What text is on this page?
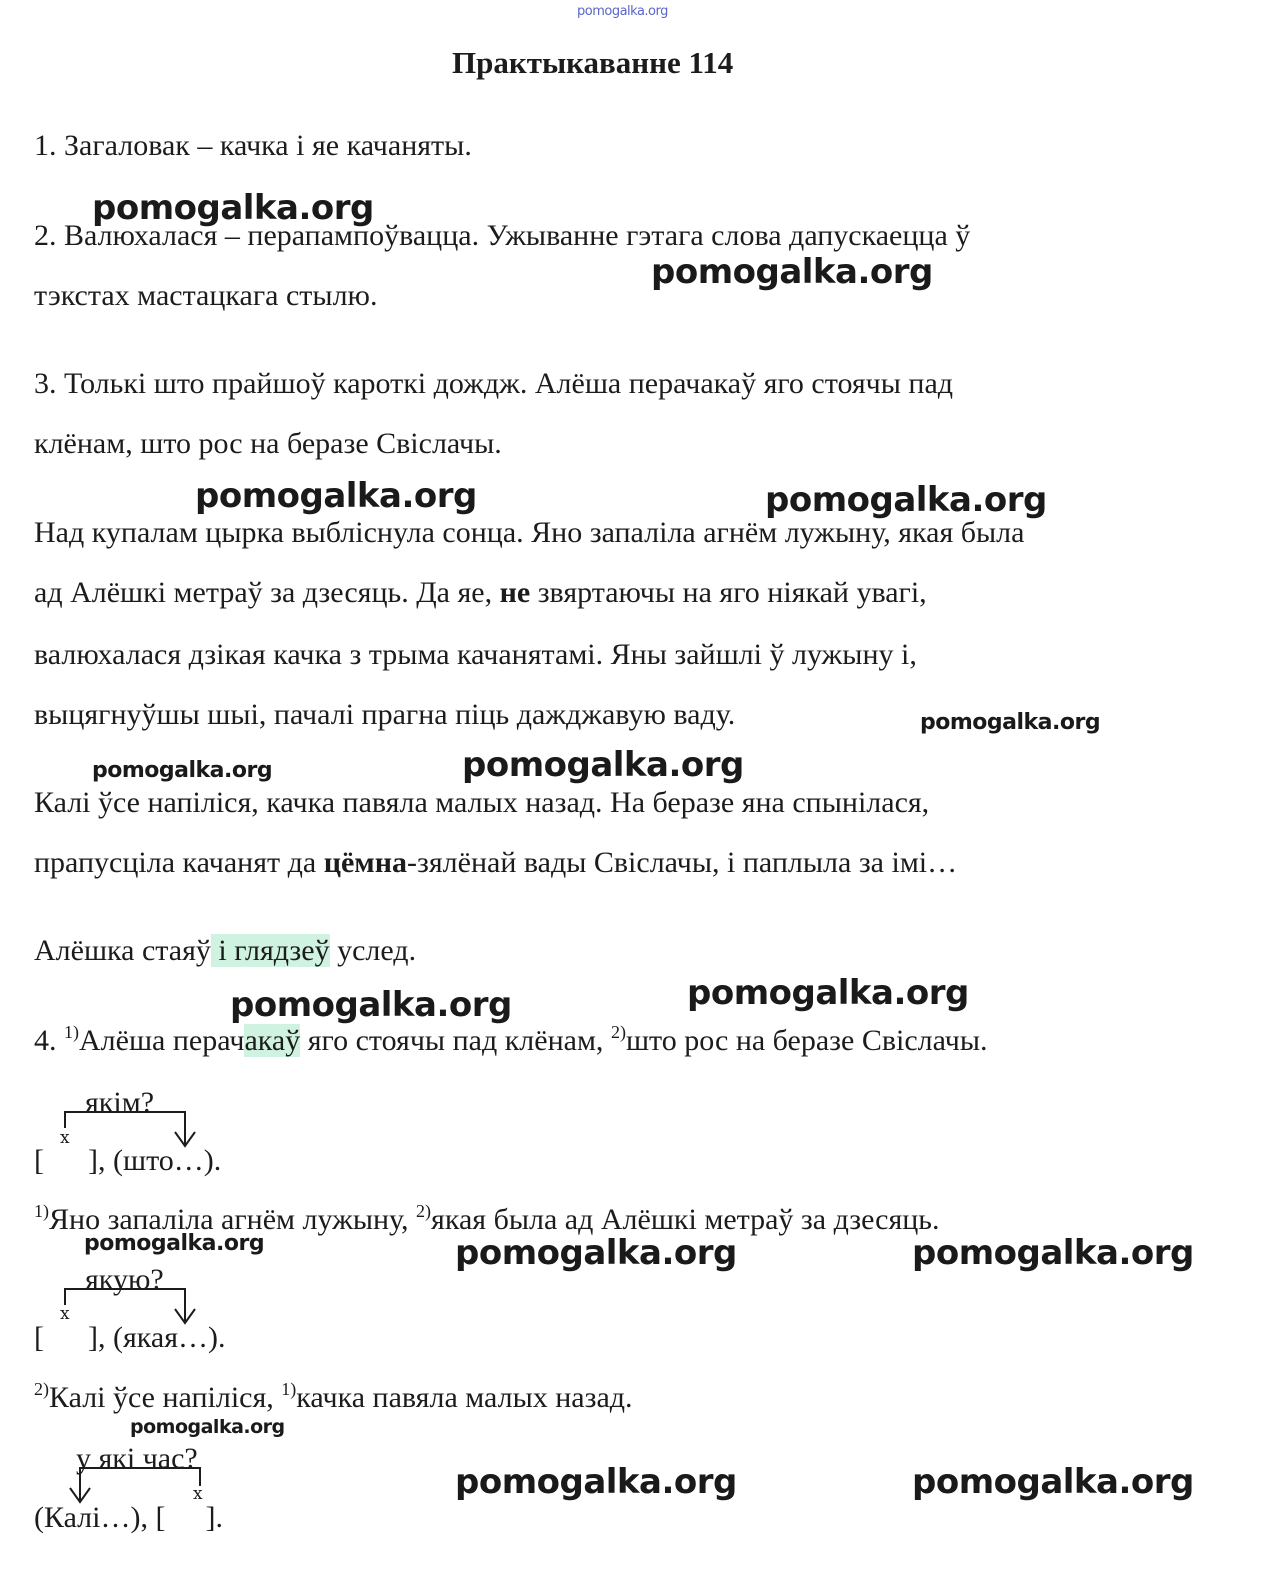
pomogalka.org
Практыкаванне 114
1. Загаловак – качка і яе качаняты.
2. Валюхалася – перапампоўвацца. Ужыванне гэтага слова дапускаецца ў
тэкстах мастацкага стылю.
3. Толькі што прайшоў кароткі дождж. Алёша перачакаў яго стоячы пад
клёнам, што рос на беразе Свіслачы.
Над купалам цырка выбліснула сонца. Яно запаліла агнём лужыну, якая была
ад Алёшкі метраў за дзесяць. Да яе, не звяртаючы на яго ніякай увагі,
валюхалася дзікая качка з трыма качанятамі. Яны зайшлі ў лужыну і,
выцягнуўшы шыі, пачалі прагна піць дажджавую ваду.
Калі ўсе напіліся, качка павяла малых назад. На беразе яна спынілася,
прапусціла качанят да цёмна-зялёнай вады Свіслачы, і паплыла за імі…
Алёшка стаяў і глядзеў услед.
4. $^{1)}$Алёша перачакаў яго стоячы пад клёнам, $^{2)}$што рос на беразе Свіслачы.
якім?
x
[ ], (што…).
$^{1)}$Яно запаліла агнём лужыну, $^{2)}$якая была ад Алёшкі метраў за дзесяць.
якую?
x
[ ], (якая…).
$^{2)}$Калі ўсе напіліся, $^{1)}$качка павяла малых назад.
у які час?
x
(Калі…), [ ].
pomogalka.org
pomogalka.org
pomogalka.org	pomogalka.org
pomogalka.org
pomogalka.org	pomogalka.org
pomogalka.org	pomogalka.org
pomogalka.org	pomogalka.org	pomogalka.org
pomogalka.org
pomogalka.org	pomogalka.org
